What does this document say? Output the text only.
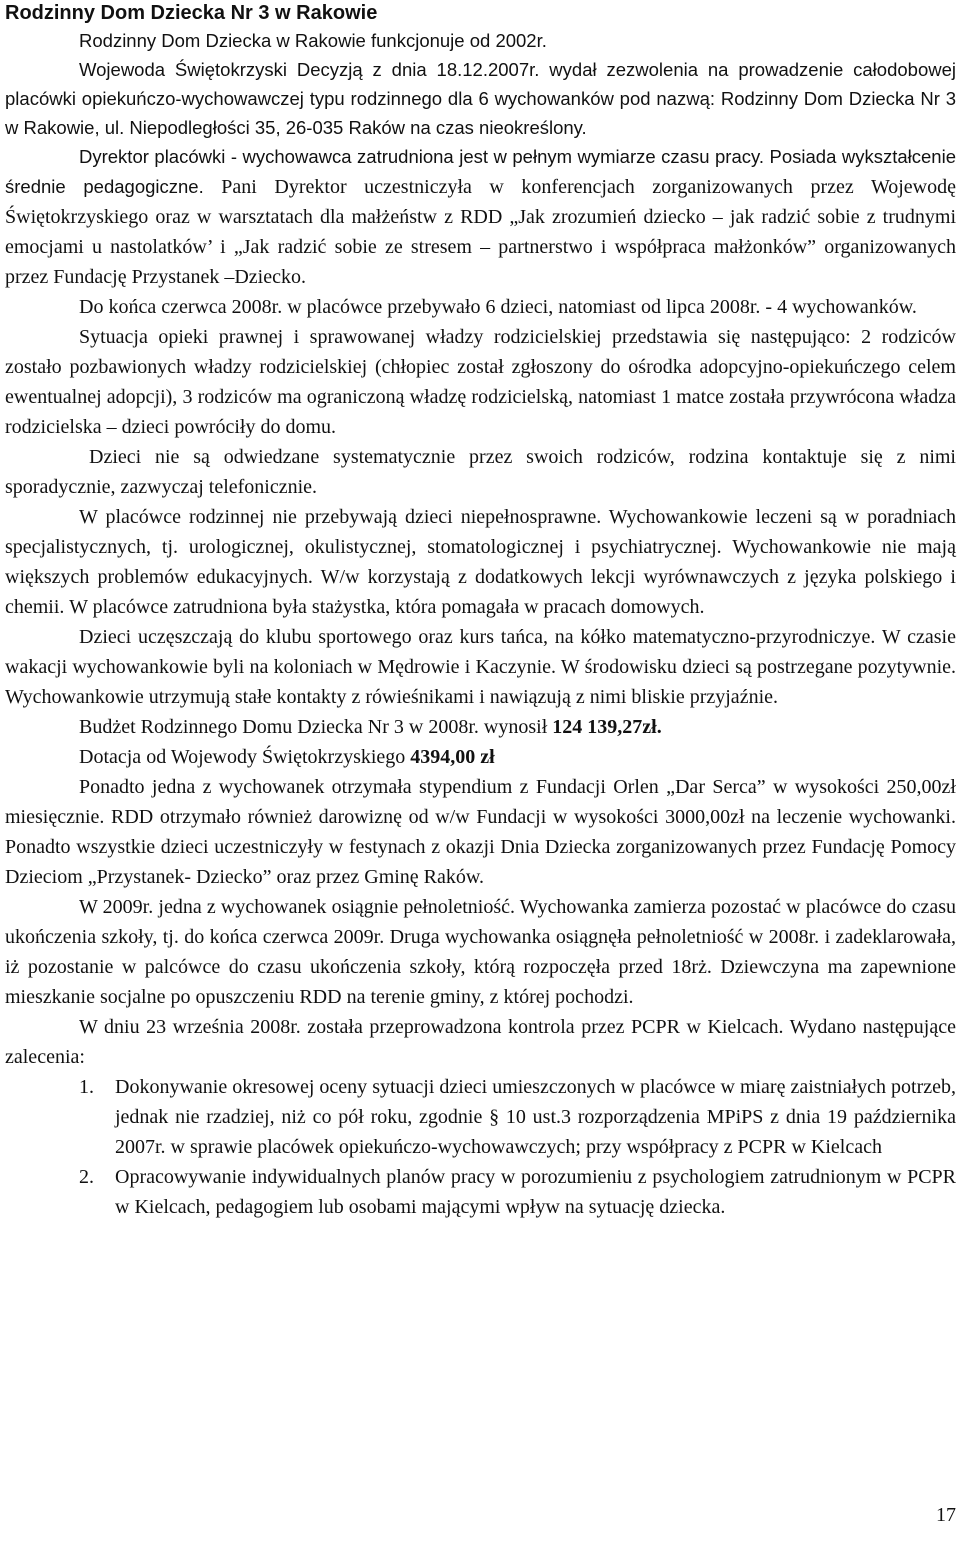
Rodzinny Dom Dziecka Nr 3 w Rakowie

Rodzinny Dom Dziecka w Rakowie funkcjonuje od 2002r.

Wojewoda Świętokrzyski Decyzją z dnia 18.12.2007r. wydał zezwolenia na prowadzenie całodobowej placówki opiekuńczo-wychowawczej typu rodzinnego dla 6 wychowanków pod nazwą: Rodzinny Dom Dziecka Nr 3 w Rakowie, ul. Niepodległości 35, 26-035 Raków na czas nieokreślony.

Dyrektor placówki - wychowawca zatrudniona jest w pełnym wymiarze czasu pracy. Posiada wykształcenie średnie pedagogiczne. Pani Dyrektor uczestniczyła w konferencjach zorganizowanych przez Wojewodę Świętokrzyskiego oraz w warsztatach dla małżeństw z RDD „Jak zrozumień dziecko – jak radzić sobie z trudnymi emocjami u nastolatków’ i „Jak radzić sobie ze stresem – partnerstwo i współpraca małżonków” organizowanych przez Fundację Przystanek –Dziecko.

Do końca czerwca 2008r. w placówce przebywało 6 dzieci, natomiast od lipca 2008r. - 4 wychowanków.

Sytuacja opieki prawnej i sprawowanej władzy rodzicielskiej przedstawia się następująco: 2 rodziców zostało pozbawionych władzy rodzicielskiej (chłopiec został zgłoszony do ośrodka adopcyjno-opiekuńczego celem ewentualnej adopcji), 3 rodziców ma ograniczoną władzę rodzicielską, natomiast 1 matce została przywrócona władza rodzicielska – dzieci powróciły do domu.

Dzieci nie są odwiedzane systematycznie przez swoich rodziców, rodzina kontaktuje się z nimi sporadycznie, zazwyczaj telefonicznie.

W placówce rodzinnej nie przebywają dzieci niepełnosprawne. Wychowankowie leczeni są w poradniach specjalistycznych, tj. urologicznej, okulistycznej, stomatologicznej i psychiatrycznej. Wychowankowie nie mają większych problemów edukacyjnych. W/w korzystają z dodatkowych lekcji wyrównawczych z języka polskiego i chemii. W placówce zatrudniona była stażystka, która pomagała w pracach domowych.

Dzieci uczęszczają do klubu sportowego oraz kurs tańca, na kółko matematyczno-przyrodniczye. W czasie wakacji wychowankowie byli na koloniach w Mędrowie i Kaczynie. W środowisku dzieci są postrzegane pozytywnie. Wychowankowie utrzymują stałe kontakty z rówieśnikami i nawiązują z nimi bliskie przyjaźnie.

Budżet Rodzinnego Domu Dziecka Nr 3 w 2008r. wynosił 124 139,27zł.

Dotacja od Wojewody Świętokrzyskiego 4394,00 zł

Ponadto jedna z wychowanek otrzymała stypendium z Fundacji Orlen „Dar Serca” w wysokości 250,00zł miesięcznie. RDD otrzymało również darowiznę od w/w Fundacji w wysokości 3000,00zł na leczenie wychowanki. Ponadto wszystkie dzieci uczestniczyły w festynach z okazji Dnia Dziecka zorganizowanych przez Fundację Pomocy Dzieciom „Przystanek- Dziecko” oraz przez Gminę Raków.

W 2009r. jedna z wychowanek osiągnie pełnoletniość. Wychowanka zamierza pozostać w placówce do czasu ukończenia szkoły, tj. do końca czerwca 2009r. Druga wychowanka osiągnęła pełnoletniość w 2008r. i zadeklarowała, iż pozostanie w palcówce do czasu ukończenia szkoły, którą rozpoczęła przed 18rż. Dziewczyna ma zapewnione mieszkanie socjalne po opuszczeniu RDD na terenie gminy, z której pochodzi.

W dniu 23 września 2008r. została przeprowadzona kontrola przez PCPR w Kielcach. Wydano następujące zalecenia:

1. Dokonywanie okresowej oceny sytuacji dzieci umieszczonych w placówce w miarę zaistniałych potrzeb, jednak nie rzadziej, niż co pół roku, zgodnie § 10 ust.3 rozporządzenia MPiPS z dnia 19 października 2007r. w sprawie placówek opiekuńczo-wychowawczych; przy współpracy z PCPR w Kielcach

2. Opracowywanie indywidualnych planów pracy w porozumieniu z psychologiem zatrudnionym w PCPR w Kielcach, pedagogiem lub osobami mającymi wpływ na sytuację dziecka.

17
